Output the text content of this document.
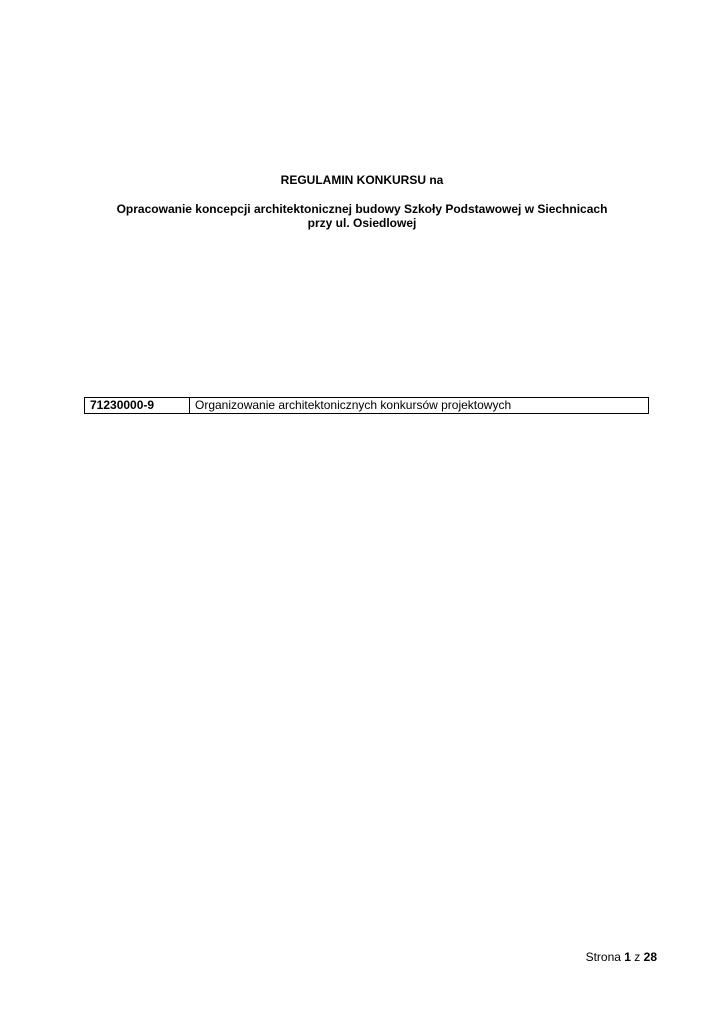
REGULAMIN KONKURSU na
Opracowanie koncepcji architektonicznej budowy Szkoły Podstawowej w Siechnicach
przy ul. Osiedlowej
71230000-9	Organizowanie architektonicznych konkursów projektowych
Strona 1 z 28
